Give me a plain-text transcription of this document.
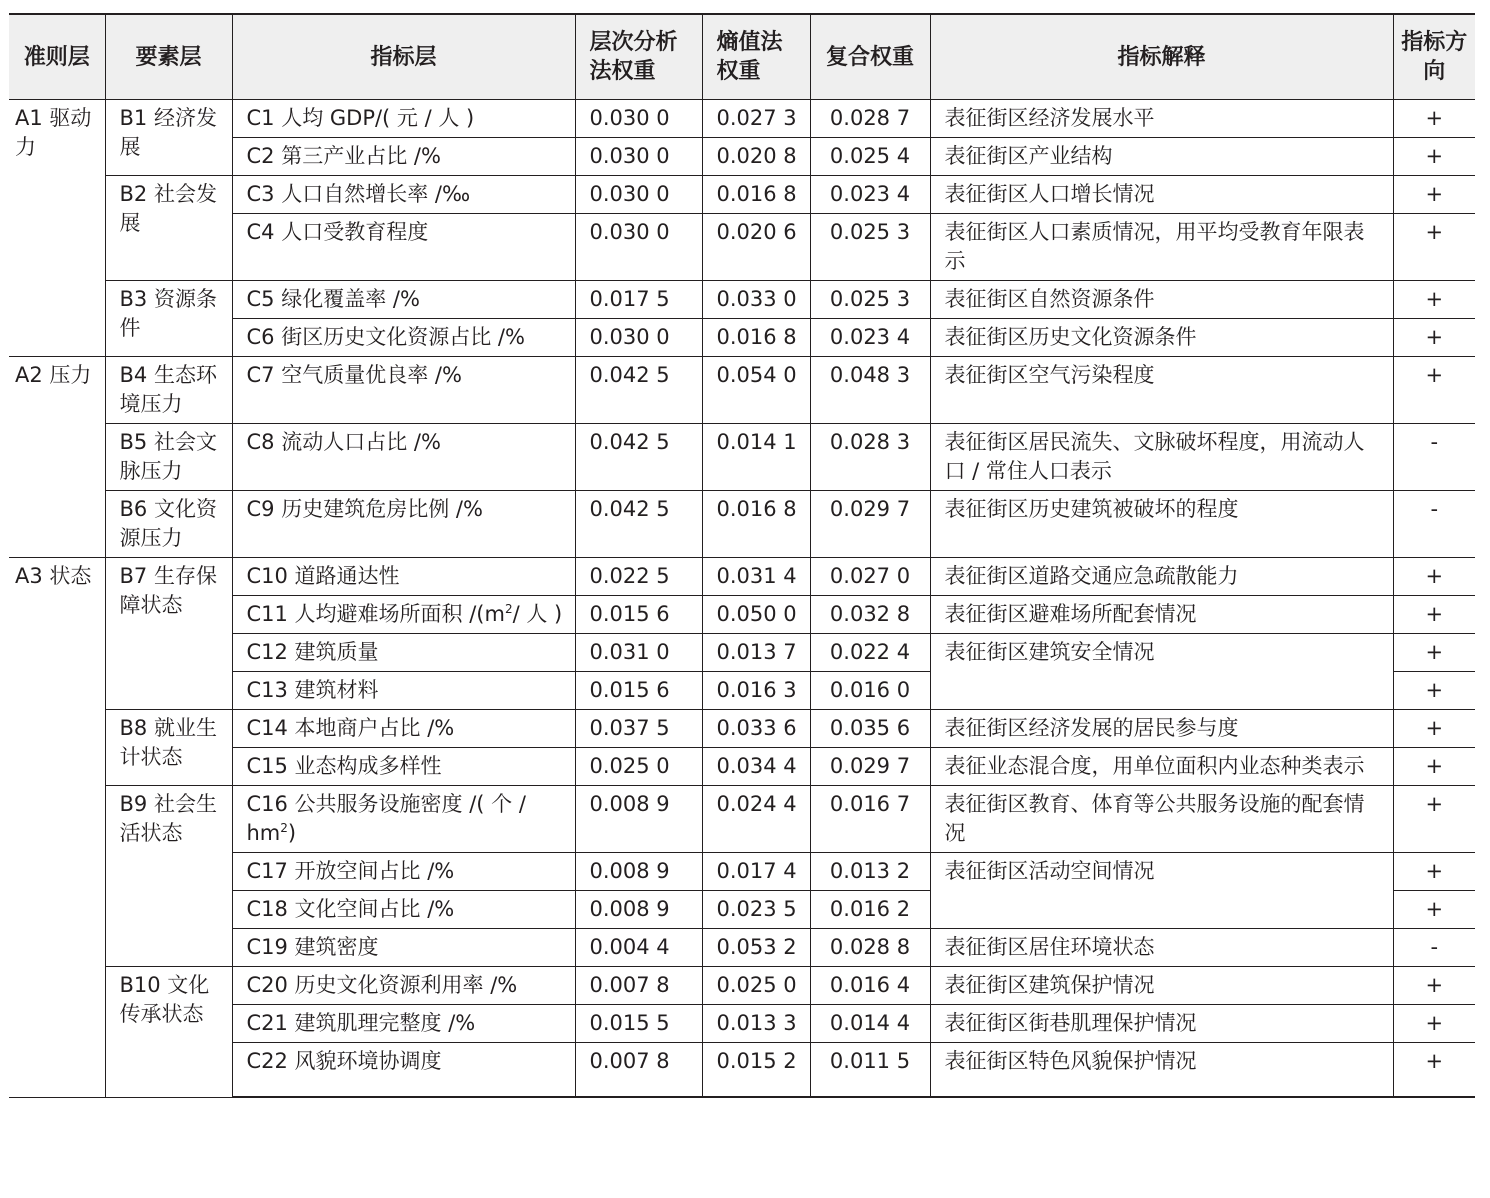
准则层	要素层	指标层	层次分析法权重	熵值法权重	复合权重	指标解释	指标方向
A1 驱动力	B1 经济发展	C1 人均 GDP/( 元 / 人 )	0.030 0	0.027 3	0.028 7	表征街区经济发展水平	+
		C2 第三产业占比 /%	0.030 0	0.020 8	0.025 4	表征街区产业结构	+
	B2 社会发展	C3 人口自然增长率 /‰	0.030 0	0.016 8	0.023 4	表征街区人口增长情况	+
		C4 人口受教育程度	0.030 0	0.020 6	0.025 3	表征街区人口素质情况，用平均受教育年限表示	+
	B3 资源条件	C5 绿化覆盖率 /%	0.017 5	0.033 0	0.025 3	表征街区自然资源条件	+
		C6 街区历史文化资源占比 /%	0.030 0	0.016 8	0.023 4	表征街区历史文化资源条件	+
A2 压力	B4 生态环境压力	C7 空气质量优良率 /%	0.042 5	0.054 0	0.048 3	表征街区空气污染程度	+
	B5 社会文脉压力	C8 流动人口占比 /%	0.042 5	0.014 1	0.028 3	表征街区居民流失、文脉破坏程度，用流动人口 / 常住人口表示	-
	B6 文化资源压力	C9 历史建筑危房比例 /%	0.042 5	0.016 8	0.029 7	表征街区历史建筑被破坏的程度	-
A3 状态	B7 生存保障状态	C10 道路通达性	0.022 5	0.031 4	0.027 0	表征街区道路交通应急疏散能力	+
		C11 人均避难场所面积 $/(m^2/$ 人 )	0.015 6	0.050 0	0.032 8	表征街区避难场所配套情况	+
		C12 建筑质量	0.031 0	0.013 7	0.022 4	表征街区建筑安全情况	+
		C13 建筑材料	0.015 6	0.016 3	0.016 0		+
	B8 就业生计状态	C14 本地商户占比 /%	0.037 5	0.033 6	0.035 6	表征街区经济发展的居民参与度	+
		C15 业态构成多样性	0.025 0	0.034 4	0.029 7	表征业态混合度，用单位面积内业态种类表示	+
	B9 社会生活状态	C16 公共服务设施密度 /( 个 / $hm^2$)	0.008 9	0.024 4	0.016 7	表征街区教育、体育等公共服务设施的配套情况	+
		C17 开放空间占比 /%	0.008 9	0.017 4	0.013 2	表征街区活动空间情况	+
		C18 文化空间占比 /%	0.008 9	0.023 5	0.016 2		+
		C19 建筑密度	0.004 4	0.053 2	0.028 8	表征街区居住环境状态	-
	B10 文化传承状态	C20 历史文化资源利用率 /%	0.007 8	0.025 0	0.016 4	表征街区建筑保护情况	+
		C21 建筑肌理完整度 /%	0.015 5	0.013 3	0.014 4	表征街区街巷肌理保护情况	+
		C22 风貌环境协调度	0.007 8	0.015 2	0.011 5	表征街区特色风貌保护情况	+
